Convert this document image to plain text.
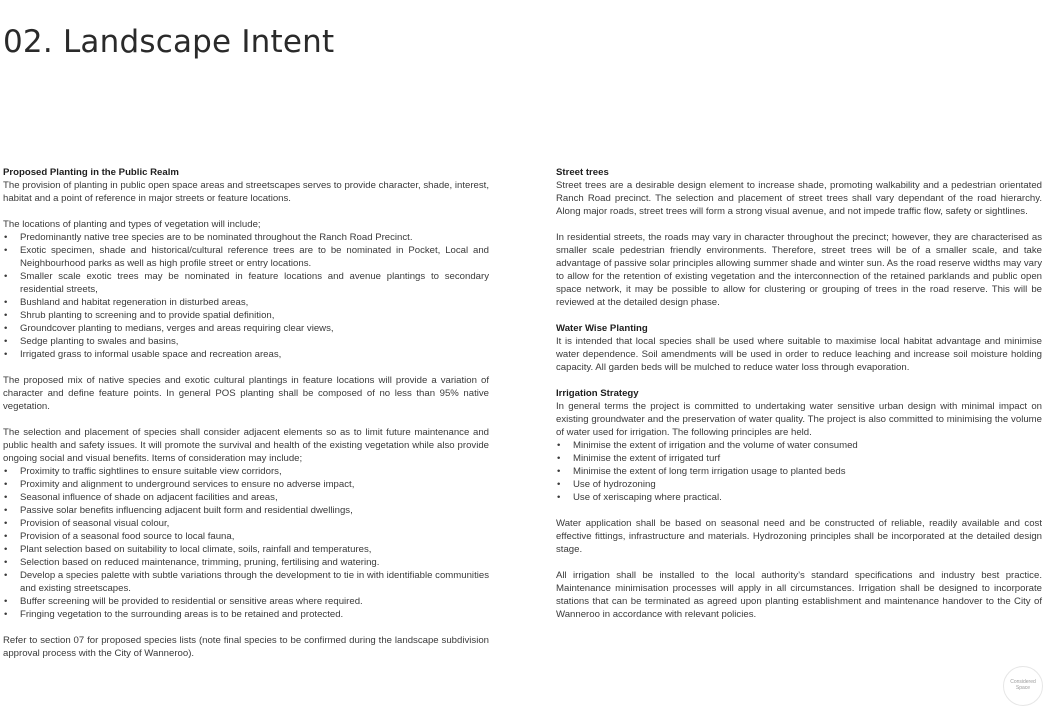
02. Landscape Intent

Proposed Planting in the Public Realm

The provision of planting in public open space areas and streetscapes serves to provide character, shade, interest, habitat and a point of reference in major streets or feature locations.

The locations of planting and types of vegetation will include;

• Predominantly native tree species are to be nominated throughout the Ranch Road Precinct.
• Exotic specimen, shade and historical/cultural reference trees are to be nominated in Pocket, Local and Neighbourhood parks as well as high profile street or entry locations.
• Smaller scale exotic trees may be nominated in feature locations and avenue plantings to secondary residential streets,
• Bushland and habitat regeneration in disturbed areas,
• Shrub planting to screening and to provide spatial definition,
• Groundcover planting to medians, verges and areas requiring clear views,
• Sedge planting to swales and basins,
• Irrigated grass to informal usable space and recreation areas,

The proposed mix of native species and exotic cultural plantings in feature locations will provide a variation of character and define feature points. In general POS planting shall be composed of no less than 95% native vegetation.

The selection and placement of species shall consider adjacent elements so as to limit future maintenance and public health and safety issues. It will promote the survival and health of the existing vegetation while also provide ongoing social and visual benefits. Items of consideration may include;

• Proximity to traffic sightlines to ensure suitable view corridors,
• Proximity and alignment to underground services to ensure no adverse impact,
• Seasonal influence of shade on adjacent facilities and areas,
• Passive solar benefits influencing adjacent built form and residential dwellings,
• Provision of seasonal visual colour,
• Provision of a seasonal food source to local fauna,
• Plant selection based on suitability to local climate, soils, rainfall and temperatures,
• Selection based on reduced maintenance, trimming, pruning, fertilising and watering.
• Develop a species palette with subtle variations through the development to tie in with identifiable communities and existing streetscapes.
• Buffer screening will be provided to residential or sensitive areas where required.
• Fringing vegetation to the surrounding areas is to be retained and protected.

Refer to section 07 for proposed species lists (note final species to be confirmed during the landscape subdivision approval process with the City of Wanneroo).

Street trees

Street trees are a desirable design element to increase shade, promoting walkability and a pedestrian orientated Ranch Road precinct. The selection and placement of street trees shall vary dependant of the road hierarchy. Along major roads, street trees will form a strong visual avenue, and not impede traffic flow, safety or sightlines.

In residential streets, the roads may vary in character throughout the precinct; however, they are characterised as smaller scale pedestrian friendly environments. Therefore, street trees will be of a smaller scale, and take advantage of passive solar principles allowing summer shade and winter sun. As the road reserve widths may vary to allow for the retention of existing vegetation and the interconnection of the retained parklands and public open space network, it may be possible to allow for clustering or grouping of trees in the road reserve. This will be reviewed at the detailed design phase.

Water Wise Planting

It is intended that local species shall be used where suitable to maximise local habitat advantage and minimise water dependence. Soil amendments will be used in order to reduce leaching and increase soil moisture holding capacity. All garden beds will be mulched to reduce water loss through evaporation.

Irrigation Strategy

In general terms the project is committed to undertaking water sensitive urban design with minimal impact on existing groundwater and the preservation of water quality. The project is also committed to minimising the volume of water used for irrigation. The following principles are held.

• Minimise the extent of irrigation and the volume of water consumed
• Minimise the extent of irrigated turf
• Minimise the extent of long term irrigation usage to planted beds
• Use of hydrozoning
• Use of xeriscaping where practical.

Water application shall be based on seasonal need and be constructed of reliable, readily available and cost effective fittings, infrastructure and materials. Hydrozoning principles shall be incorporated at the detailed design stage.

All irrigation shall be installed to the local authority’s standard specifications and industry best practice. Maintenance minimisation processes will apply in all circumstances. Irrigation shall be designed to incorporate stations that can be terminated as agreed upon planting establishment and maintenance handover to the City of Wanneroo in accordance with relevant policies.

Considered
Space
